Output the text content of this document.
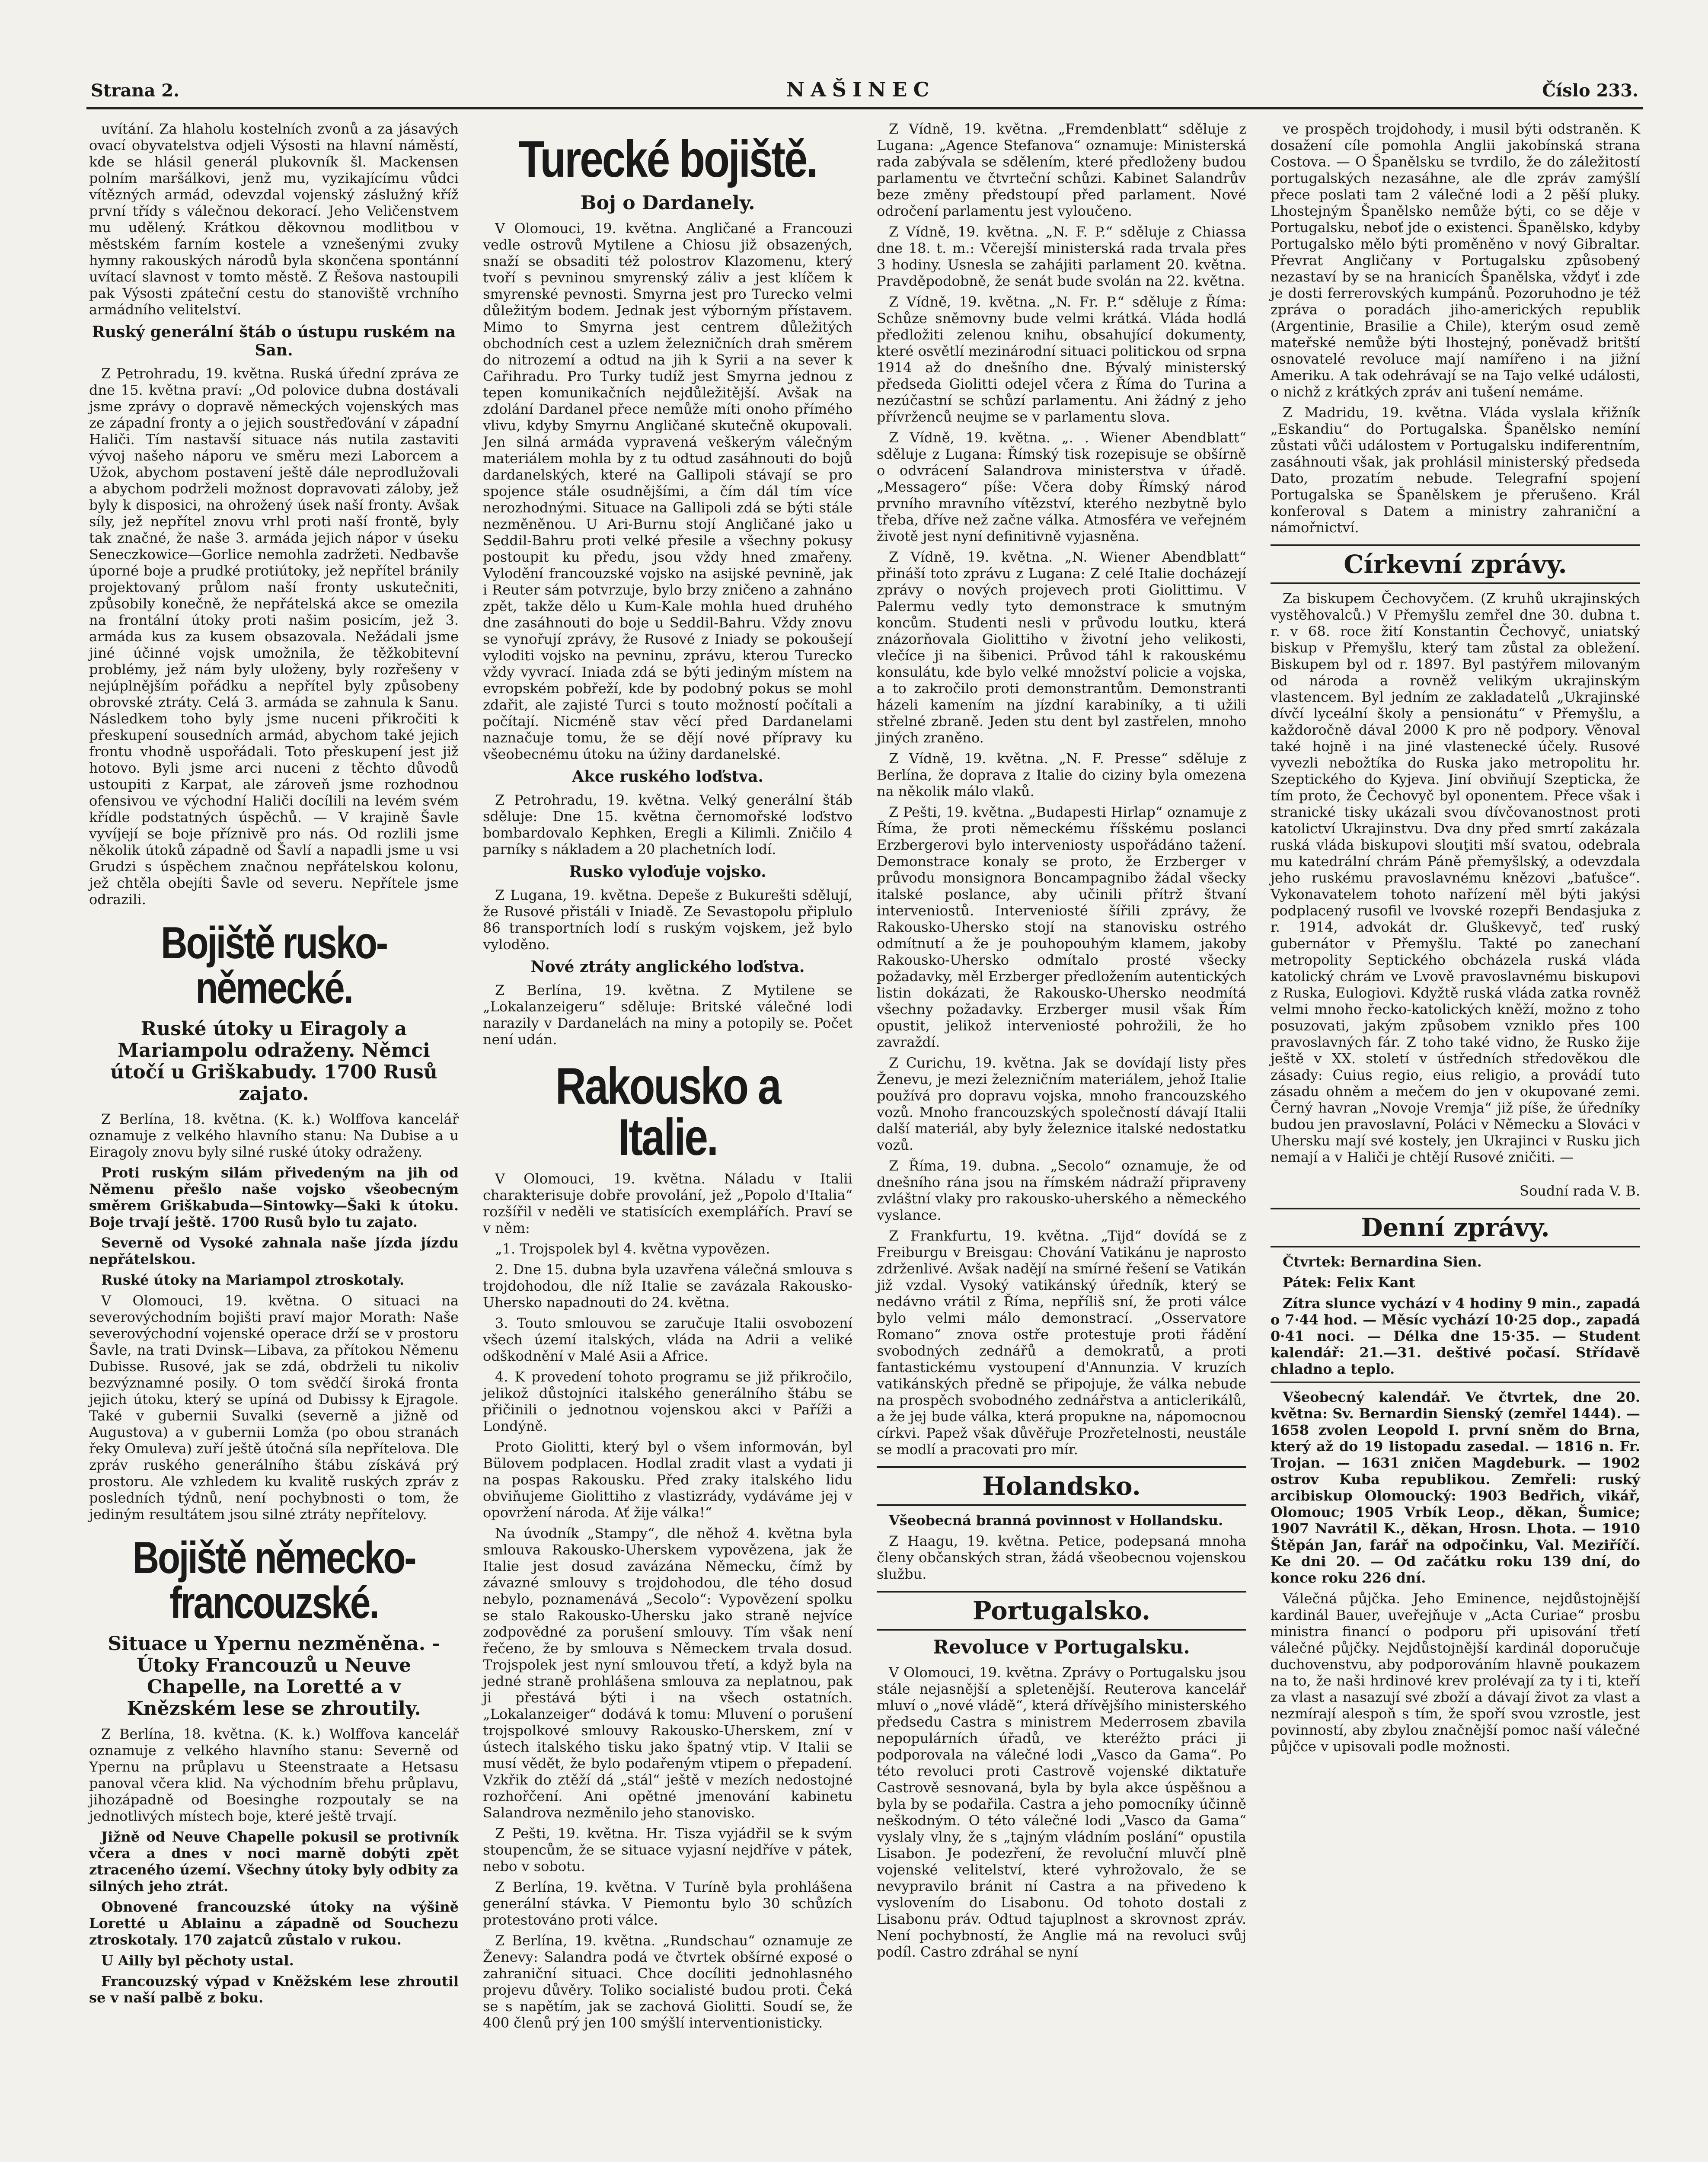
Strana 2.	NAŠINEC	Číslo 233.

uvítání. Za hlaholu kostelních zvonů a za jásavých ovací obyvatelstva odjeli Výsosti na hlavní náměstí, kde se hlásil generál plukovník šl. Mackensen polním maršálkovi, jenž mu, vyzikajícímu vůdci vítězných armád, odevzdal vojenský záslužný kříž první třídy s válečnou dekorací. Jeho Veličenstvem mu udělený. Krátkou děkovnou modlitbou v městském farním kostele a vznešenými zvuky hymny rakouských národů byla skončena spontánní uvítací slavnost v tomto městě. Z Řešova nastoupili pak Výsosti zpáteční cestu do stanoviště vrchního armádního velitelství.

Ruský generální štáb o ústupu ruském na San.

Z Petrohradu, 19. května. Ruská úřední zpráva ze dne 15. května praví: „Od polovice dubna dostávali jsme zprávy o dopravě německých vojenských mas ze západní fronty a o jejich soustřeďování v západní Haliči. Tím nastavší situace nás nutila zastaviti vývoj našeho náporu ve směru mezi Laborcem a Užok, abychom postavení ještě dále neprodlužovali a abychom podrželi možnost dopravovati záloby, jež byly k disposici, na ohrožený úsek naší fronty. Avšak síly, jež nepřítel znovu vrhl proti naší frontě, byly tak značné, že naše 3. armáda jejich nápor v úseku Seneczkowice—Gorlice nemohla zadržeti. Nedbavše úporné boje a prudké protiútoky, jež nepřítel bránily projektovaný průlom naší fronty uskutečniti, způsobily konečně, že nepřátelská akce se omezila na frontální útoky proti našim posicím, jež 3. armáda kus za kusem obsazovala. Nežádali jsme jiné účinné vojsk umožnila, že těžkobitevní problémy, jež nám byly uloženy, byly rozřešeny v nejúplnějším pořádku a nepřítel byly způsobeny obrovské ztráty. Celá 3. armáda se zahnula k Sanu. Následkem toho byly jsme nuceni přikročiti k přeskupení sousedních armád, abychom také jejich frontu vhodně uspořádali. Toto přeskupení jest již hotovo. Byli jsme arci nuceni z těchto důvodů ustoupiti z Karpat, ale zároveň jsme rozhodnou ofensivou ve východní Haliči docílili na levém svém křídle podstatných úspěchů. — V krajině Šavle vyvíjejí se boje příznivě pro nás. Od rozlili jsme několik útoků západně od Šavlí a napadli jsme u vsi Grudzi s úspěchem značnou nepřátelskou kolonu, jež chtěla obejíti Šavle od severu. Nepřítele jsme odrazili.

Bojiště rusko-německé.
Ruské útoky u Eiragoly a Mariampolu odraženy. Němci útočí u Griškabudy. 1700 Rusů zajato.

Z Berlína, 18. května. (K. k.) Wolffova kancelář oznamuje z velkého hlavního stanu: Na Dubise a u Eiragoly znovu byly silné ruské útoky odraženy.

Proti ruským silám přivedeným na jih od Němenu přešlo naše vojsko všeobecným směrem Griškabuda—Sintowky—Šaki k útoku. Boje trvají ještě. 1700 Rusů bylo tu zajato.

Severně od Vysoké zahnala naše jízda jízdu nepřátelskou.

Ruské útoky na Mariampol ztroskotaly.

V Olomouci, 19. května. O situaci na severovýchodním bojišti praví major Morath: Naše severovýchodní vojenské operace drží se v prostoru Šavle, na trati Dvinsk—Libava, za přítokou Němenu Dubisse. Rusové, jak se zdá, obdrželi tu nikoliv bezvýznamné posily. O tom svědčí široká fronta jejich útoku, který se upíná od Dubissy k Ejragole. Také v gubernii Suvalki (severně a jižně od Augustova) a v gubernii Lomža (po obou stranách řeky Omuleva) zuří ještě útočná síla nepřítelova. Dle zpráv ruského generálního štábu získává prý prostoru. Ale vzhledem ku kvalitě ruských zpráv z posledních týdnů, není pochybnosti o tom, že jediným resultátem jsou silné ztráty nepřítelovy.

Bojiště německo-francouzské.
Situace u Ypernu nezměněna. - Útoky Francouzů u Neuve Chapelle, na Loretté a v Knězském lese se zhroutily.

Z Berlína, 18. května. (K. k.) Wolffova kancelář oznamuje z velkého hlavního stanu: Severně od Ypernu na průplavu u Steenstraate a Hetsasu panoval včera klid. Na východním břehu průplavu, jihozápadně od Boesinghe rozpoutaly se na jednotlivých místech boje, které ještě trvají.

Jižně od Neuve Chapelle pokusil se protivník včera a dnes v noci marně dobýti zpět ztraceného území. Všechny útoky byly odbity za silných jeho ztrát.

Obnovené francouzské útoky na výšině Loretté u Ablainu a západně od Souchezu ztroskotaly. 170 zajatců zůstalo v rukou.

U Ailly byl pěchoty ustal.

Francouzský výpad v Kněžském lese zhroutil se v naší palbě z boku.

Turecké bojiště.
Boj o Dardanely.

V Olomouci, 19. května. Angličané a Francouzi vedle ostrovů Mytilene a Chiosu již obsazených, snaží se obsaditi též polostrov Klazomenu, který tvoří s pevninou smyrenský záliv a jest klíčem k smyrenské pevnosti. Smyrna jest pro Turecko velmi důležitým bodem. Jednak jest výborným přístavem. Mimo to Smyrna jest centrem důležitých obchodních cest a uzlem železničních drah směrem do nitrozemí a odtud na jih k Syrii a na sever k Cařihradu. Pro Turky tudíž jest Smyrna jednou z tepen komunikačních nejdůležitější. Avšak na zdolání Dardanel přece nemůže míti onoho přímého vlivu, kdyby Smyrnu Angličané skutečně okupovali. Jen silná armáda vypravená veškerým válečným materiálem mohla by z tu odtud zasáhnouti do bojů dardanelských, které na Gallipoli stávají se pro spojence stále osudnějšími, a čím dál tím více nerozhodnými. Situace na Gallipoli zdá se býti stále nezměněnou. U Ari-Burnu stojí Angličané jako u Seddil-Bahru proti velké přesile a všechny pokusy postoupit ku předu, jsou vždy hned zmařeny. Vylodění francouzské vojsko na asijské pevnině, jak i Reuter sám potvrzuje, bylo brzy zničeno a zahnáno zpět, takže dělo u Kum-Kale mohla hued druhého dne zasáhnouti do boje u Seddil-Bahru. Vždy znovu se vynořují zprávy, že Rusové z Iniady se pokoušejí vyloditi vojsko na pevninu, zprávu, kterou Turecko vždy vyvrací. Iniada zdá se býti jediným místem na evropském pobřeží, kde by podobný pokus se mohl zdařit, ale zajisté Turci s touto možností počítali a počítají. Nicméně stav věcí před Dardanelami naznačuje tomu, že se dějí nové přípravy ku všeobecnému útoku na úžiny dardanelské.

Akce ruského loďstva.

Z Petrohradu, 19. května. Velký generální štáb sděluje: Dne 15. května černomořské loďstvo bombardovalo Kephken, Eregli a Kilimli. Zničilo 4 parníky s nákladem a 20 plachetních lodí.

Rusko vyloďuje vojsko.

Z Lugana, 19. května. Depeše z Bukurešti sdělují, že Rusové přistáli v Iniadě. Ze Sevastopolu připlulo 86 transportních lodí s ruským vojskem, jež bylo vyloděno.

Nové ztráty anglického loďstva.

Z Berlína, 19. května. Z Mytilene se „Lokalanzeigeru“ sděluje: Britské válečné lodi narazily v Dardanelách na miny a potopily se. Počet není udán.

Rakousko a Italie.

V Olomouci, 19. května. Náladu v Italii charakterisuje dobře provolání, jež „Popolo d'Italia“ rozšířil v neděli ve statisících exemplářích. Praví se v něm:

„1. Trojspolek byl 4. května vypovězen.

2. Dne 15. dubna byla uzavřena válečná smlouva s trojdohodou, dle níž Italie se zavázala Rakousko-Uhersko napadnouti do 24. května.

3. Touto smlouvou se zaručuje Italii osvobození všech území italských, vláda na Adrii a veliké odškodnění v Malé Asii a Africe.

4. K provedení tohoto programu se již přikročilo, jelikož důstojníci italského generálního štábu se přičinili o jednotnou vojenskou akci v Paříži a Londýně.

Proto Giolitti, který byl o všem informován, byl Bülovem podplacen. Hodlal zradit vlast a vydati ji na pospas Rakousku. Před zraky italského lidu obviňujeme Giolittiho z vlastizrády, vydáváme jej v opovržení národa. Ať žije válka!“

Na úvodník „Stampy“, dle něhož 4. května byla smlouva Rakousko-Uherskem vypovězena, jak že Italie jest dosud zavázána Německu, čímž by závazné smlouvy s trojdohodou, dle tého dosud nebylo, poznamenává „Secolo“: Vypovězení spolku se stalo Rakousko-Uhersku jako straně nejvíce zodpovědné za porušení smlouvy. Tím však není řečeno, že by smlouva s Německem trvala dosud. Trojspolek jest nyní smlouvou třetí, a když byla na jedné straně prohlášena smlouva za neplatnou, pak ji přestává býti i na všech ostatních. „Lokalanzeiger“ dodává k tomu: Mluvení o porušení trojspolkové smlouvy Rakousko-Uherskem, zní v ústech italského tisku jako špatný vtip. V Italii se musí vědět, že bylo podařeným vtipem o přepadení. Vzkřik do ztěží dá „stál“ ještě v mezích nedostojné rozhořčení. Ani opětné jmenování kabinetu Salandrova nezměnilo jeho stanovisko.

Z Pešti, 19. května. Hr. Tisza vyjádřil se k svým stoupencům, že se situace vyjasní nejdříve v pátek, nebo v sobotu.

Z Berlína, 19. května. V Turíně byla prohlášena generální stávka. V Piemontu bylo 30 schůzích protestováno proti válce.

Z Berlína, 19. května. „Rundschau“ oznamuje ze Ženevy: Salandra podá ve čtvrtek obšírné exposé o zahraniční situaci. Chce docíliti jednohlasného projevu důvěry. Toliko socialisté budou proti. Čeká se s napětím, jak se zachová Giolitti. Soudí se, že 400 členů prý jen 100 smýšlí interventionisticky.

Z Vídně, 19. května. „Fremdenblatt“ sděluje z Lugana: „Agence Stefanova“ oznamuje: Ministerská rada zabývala se sdělením, které předloženy budou parlamentu ve čtvrteční schůzi. Kabinet Salandrův beze změny předstoupí před parlament. Nové odročení parlamentu jest vyloučeno.

Z Vídně, 19. května. „N. F. P.“ sděluje z Chiassa dne 18. t. m.: Včerejší ministerská rada trvala přes 3 hodiny. Usnesla se zahájiti parlament 20. května. Pravděpodobně, že senát bude svolán na 22. května.

Z Vídně, 19. května. „N. Fr. P.“ sděluje z Říma: Schůze sněmovny bude velmi krátká. Vláda hodlá předložiti zelenou knihu, obsahující dokumenty, které osvětlí mezinárodní situaci politickou od srpna 1914 až do dnešního dne. Bývalý ministerský předseda Giolitti odejel včera z Říma do Turina a nezúčastní se schůzí parlamentu. Ani žádný z jeho přívrženců neujme se v parlamentu slova.

Z Vídně, 19. května. „. . Wiener Abendblatt“ sděluje z Lugana: Římský tisk rozepisuje se obšírně o odvrácení Salandrova ministerstva v úřadě. „Messagero“ píše: Včera doby Římský národ prvního mravního vítězství, kterého nezbytně bylo třeba, dříve než začne válka. Atmosféra ve veřejném životě jest nyní definitivně vyjasněna.

Z Vídně, 19. května. „N. Wiener Abendblatt“ přináší toto zprávu z Lugana: Z celé Italie docházejí zprávy o nových projevech proti Giolittimu. V Palermu vedly tyto demonstrace k smutným koncům. Studenti nesli v průvodu loutku, která znázorňovala Giolittiho v životní jeho velikosti, vlečíce ji na šibenici. Průvod táhl k rakouskému konsulátu, kde bylo velké množství policie a vojska, a to zakročilo proti demonstrantům. Demonstranti házeli kamením na jízdní karabiníky, a ti užili střelné zbraně. Jeden stu dent byl zastřelen, mnoho jiných zraněno.

Z Vídně, 19. května. „N. F. Presse“ sděluje z Berlína, že doprava z Italie do ciziny byla omezena na několik málo vlaků.

Z Pešti, 19. května. „Budapesti Hirlap“ oznamuje z Říma, že proti německému říšskému poslanci Erzbergerovi bylo interveniosty uspořádáno tažení. Demonstrace konaly se proto, že Erzberger v průvodu monsignora Boncampagnibo žádal všecky italské poslance, aby učinili přítrž štvaní interveniostů. Interveniosté šířili zprávy, že Rakousko-Uhersko stojí na stanovisku ostrého odmítnutí a že je pouhopouhým klamem, jakoby Rakousko-Uhersko odmítalo prosté všecky požadavky, měl Erzberger předložením autentických listin dokázati, že Rakousko-Uhersko neodmítá všechny požadavky. Erzberger musil však Řím opustit, jelikož interveniosté pohrožili, že ho zavraždí.

Z Curichu, 19. května. Jak se dovídají listy přes Ženevu, je mezi železničním materiálem, jehož Italie používá pro dopravu vojska, mnoho francouzského vozů. Mnoho francouzských společností dávají Italii další materiál, aby byly železnice italské nedostatku vozů.

Z Říma, 19. dubna. „Secolo“ oznamuje, že od dnešního rána jsou na římském nádraží připraveny zvláštní vlaky pro rakousko-uherského a německého vyslance.

Z Frankfurtu, 19. května. „Tijd“ dovídá se z Freiburgu v Breisgau: Chování Vatikánu je naprosto zdrženlivé. Avšak nadějí na smírné řešení se Vatikán již vzdal. Vysoký vatikánský úředník, který se nedávno vrátil z Říma, nepříliš sní, že proti válce bylo velmi málo demonstrací. „Osservatore Romano“ znova ostře protestuje proti řádění svobodných zednářů a demokratů, a proti fantastickému vystoupení d'Annunzia. V kruzích vatikánských předně se připojuje, že válka nebude na prospěch svobodného zednářstva a anticlerikálů, a že jej bude válka, která propukne na, nápomocnou církvi. Papež však důvěřuje Prozřetelnosti, neustále se modlí a pracovati pro mír.

Holandsko.

Všeobecná branná povinnost v Hollandsku.

Z Haagu, 19. května. Petice, podepsaná mnoha členy občanských stran, žádá všeobecnou vojenskou službu.

Portugalsko.
Revoluce v Portugalsku.

V Olomouci, 19. května. Zprávy o Portugalsku jsou stále nejasnější a spletenější. Reuterova kancelář mluví o „nové vládě“, která dřívějšího ministerského předsedu Castra s ministrem Mederrosem zbavila nepopulárních úřadů, ve kteréžto práci ji podporovala na válečné lodi „Vasco da Gama“. Po této revoluci proti Castrově vojenské diktatuře Castrově sesnovaná, byla by byla akce úspěšnou a byla by se podařila. Castra a jeho pomocníky účinně neškodným. O této válečné lodi „Vasco da Gama“ vyslaly vlny, že s „tajným vládním poslání“ opustila Lisabon. Je podezření, že revoluční mluvčí plně vojenské velitelství, které vyhrožovalo, že se nevypravilo bránit ní Castra a na přivedeno k vyslovením do Lisabonu. Od tohoto dostali z Lisabonu práv. Odtud tajuplnost a skrovnost zpráv. Není pochybností, že Anglie má na revoluci svůj podíl. Castro zdráhal se nyní

ve prospěch trojdohody, i musil býti odstraněn. K dosažení cíle pomohla Anglii jakobínská strana Costova. — O Španělsku se tvrdilo, že do záležitostí portugalských nezasáhne, ale dle zpráv zamýšlí přece poslati tam 2 válečné lodi a 2 pěší pluky. Lhostejným Španělsko nemůže býti, co se děje v Portugalsku, neboť jde o existenci. Španělsko, kdyby Portugalsko mělo býti proměněno v nový Gibraltar. Převrat Angličany v Portugalsku způsobený nezastaví by se na hranicích Španělska, vždyť i zde je dosti ferrerovských kumpánů. Pozoruhodno je též zpráva o poradách jiho-amerických republik (Argentinie, Brasilie a Chile), kterým osud země mateřské nemůže býti lhostejný, poněvadž britští osnovatelé revoluce mají namířeno i na jižní Ameriku. A tak odehrávají se na Tajo velké události, o nichž z krátkých zpráv ani tušení nemáme.

Z Madridu, 19. května. Vláda vyslala křižník „Eskandiu“ do Portugalska. Španělsko nemíní zůstati vůči událostem v Portugalsku indiferentním, zasáhnouti však, jak prohlásil ministerský předseda Dato, prozatím nebude. Telegrafní spojení Portugalska se Španělskem je přerušeno. Král konferoval s Datem a ministry zahraniční a námořnictví.

Církevní zprávy.

Za biskupem Čechovyčem. (Z kruhů ukrajinských vystěhovalců.) V Přemyšlu zemřel dne 30. dubna t. r. v 68. roce žití Konstantin Čechovyč, uniatský biskup v Přemyšlu, který tam zůstal za obležení. Biskupem byl od r. 1897. Byl pastýřem milovaným od národa a rovněž velikým ukrajinským vlastencem. Byl jedním ze zakladatelů „Ukrajinské dívčí lyceální školy a pensionátu“ v Přemyšlu, a každoročně dával 2000 K pro ně podpory. Věnoval také hojně i na jiné vlastenecké účely. Rusové vyvezli nebožtíka do Ruska jako metropolitu hr. Szeptického do Kyjeva. Jiní obviňují Szepticka, že tím proto, že Čechovyč byl oponentem. Přece však i stranické tisky ukázali svou dívčovanostnost proti katolictví Ukrajinstvu. Dva dny před smrtí zakázala ruská vláda biskupovi slouţiti mší svatou, odebrala mu katedrální chrám Páně přemyšlský, a odevzdala jeho ruskému pravoslavnému knězovi „baťušce“. Vykonavatelem tohoto nařízení měl býti jakýsi podplacený rusofil ve lvovské rozepři Bendasjuka z r. 1914, advokát dr. Gluškevyč, teď ruský gubernátor v Přemyšlu. Takté po zanechaní metropolity Septického obcházela ruská vláda katolický chrám ve Lvově pravoslavnému biskupovi z Ruska, Eulogiovi. Kdyžtě ruská vláda zatka rovněž velmi mnoho řecko-katolických kněží, možno z toho posuzovati, jakým způsobem vzniklo přes 100 pravoslavných fár. Z toho také vidno, že Rusko žije ještě v XX. století v ústředních středověkou dle zásady: Cuius regio, eius religio, a provádí tuto zásadu ohněm a mečem do jen v okupované zemi. Černý havran „Novoje Vremja“ již píše, že úředníky budou jen pravoslavní, Poláci v Německu a Slováci v Uhersku mají své kostely, jen Ukrajinci v Rusku jich nemají a v Haliči je chtějí Rusové zničiti. —

Soudní rada V. B.
Denní zprávy.

Čtvrtek: Bernardina Sien.

Pátek: Felix Kant

Zítra slunce vychází v 4 hodiny 9 min., zapadá o 7·44 hod. — Měsíc vychází 10·25 dop., zapadá 0·41 noci. — Délka dne 15·35. — Student kalendář: 21.—31. deštivé počasí. Střídavě chladno a teplo.

Všeobecný kalendář. Ve čtvrtek, dne 20. května: Sv. Bernardin Sienský (zemřel 1444). — 1658 zvolen Leopold I. první sněm do Brna, který až do 19 listopadu zasedal. — 1816 n. Fr. Trojan. — 1631 zničen Magdeburk. — 1902 ostrov Kuba republikou. Zemřeli: ruský arcibiskup Olomoucký: 1903 Bedřich, vikář, Olomouc; 1905 Vrbík Leop., děkan, Šumice; 1907 Navrátil K., děkan, Hrosn. Lhota. — 1910 Štěpán Jan, farář na odpočinku, Val. Meziříčí. Ke dni 20. — Od začátku roku 139 dní, do konce roku 226 dní.

Válečná půjčka. Jeho Eminence, nejdůstojnější kardinál Bauer, uveřejňuje v „Acta Curiae“ prosbu ministra financí o podporu při upisování třetí válečné půjčky. Nejdůstojnější kardinál doporučuje duchovenstvu, aby podporováním hlavně poukazem na to, že naši hrdinové krev prolévají za ty i ti, kteří za vlast a nasazují své zboží a dávají život za vlast a nezmírají alespoň s tím, že spoří svou vzrostle, jest povinností, aby zbylou značnější pomoc naší válečné půjčce v upisovali podle možnosti.
